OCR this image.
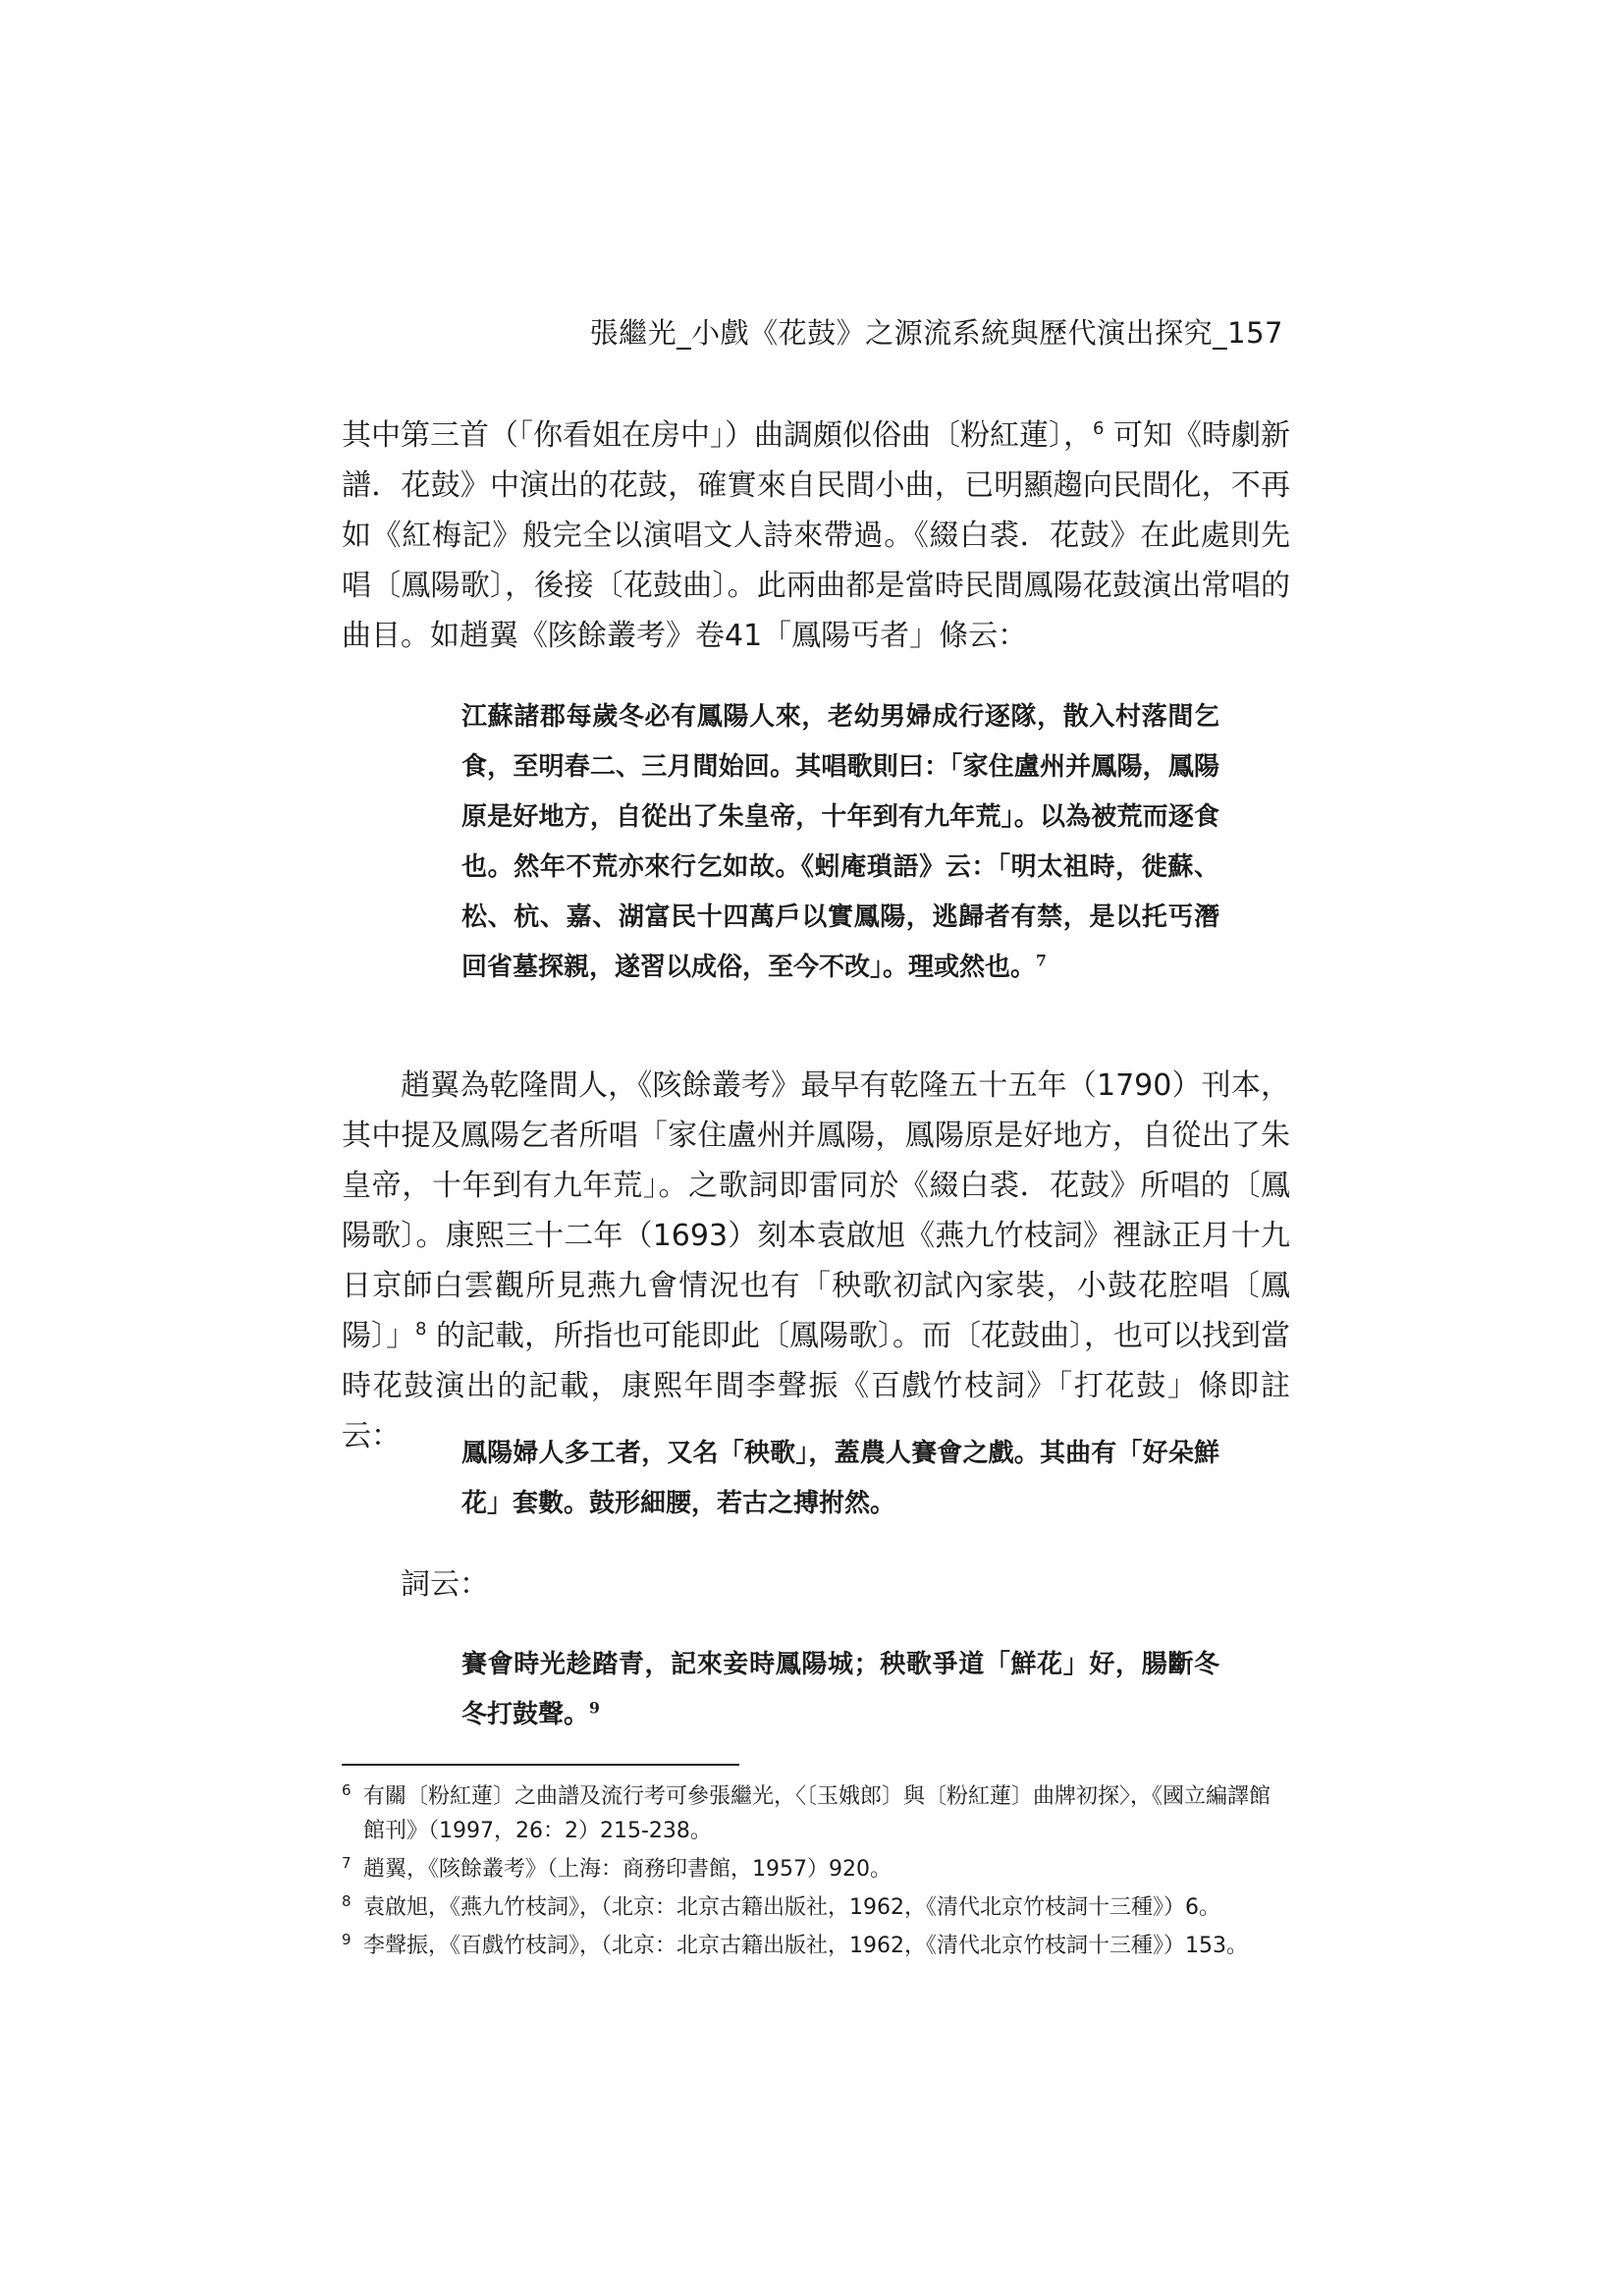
張繼光_小戲《花鼓》之源流系統與歷代演出探究_157

其中第三首（「你看姐在房中」）曲調頗似俗曲〔粉紅蓮〕，$^6$ 可知《時劇新譜．花鼓》中演出的花鼓，確實來自民間小曲，已明顯趨向民間化，不再如《紅梅記》般完全以演唱文人詩來帶過。《綴白裘．花鼓》在此處則先唱〔鳳陽歌〕，後接〔花鼓曲〕。此兩曲都是當時民間鳳陽花鼓演出常唱的曲目。如趙翼《陔餘叢考》卷41「鳳陽丐者」條云：

江蘇諸郡每歲冬必有鳳陽人來，老幼男婦成行逐隊，散入村落間乞食，至明春二、三月間始回。其唱歌則曰：「家住盧州并鳳陽，鳳陽原是好地方，自從出了朱皇帝，十年到有九年荒」。以為被荒而逐食也。然年不荒亦來行乞如故。《蚓庵瑣語》云：「明太祖時，徙蘇、松、杭、嘉、湖富民十四萬戶以實鳳陽，逃歸者有禁，是以托丐潛回省墓探親，遂習以成俗，至今不改」。理或然也。$^7$

趙翼為乾隆間人，《陔餘叢考》最早有乾隆五十五年（1790）刊本，其中提及鳳陽乞者所唱「家住盧州并鳳陽，鳳陽原是好地方，自從出了朱皇帝，十年到有九年荒」。之歌詞即雷同於《綴白裘．花鼓》所唱的〔鳳陽歌〕。康熙三十二年（1693）刻本袁啟旭《燕九竹枝詞》裡詠正月十九日京師白雲觀所見燕九會情況也有「秧歌初試內家裝，小鼓花腔唱〔鳳陽〕」$^8$ 的記載，所指也可能即此〔鳳陽歌〕。而〔花鼓曲〕，也可以找到當時花鼓演出的記載，康熙年間李聲振《百戲竹枝詞》「打花鼓」條即註云：	鳳陽婦人多工者，又名「秧歌」，蓋農人賽會之戲。其曲有「好朵鮮花」套數。鼓形細腰，若古之搏拊然。

詞云：

賽會時光趁踏青，記來妾時鳳陽城；秧歌爭道「鮮花」好，腸斷冬冬打鼓聲。$^9$

6 有關〔粉紅蓮〕之曲譜及流行考可參張繼光，〈〔玉娥郎〕與〔粉紅蓮〕曲牌初探〉，《國立編譯館館刊》（1997，26：2）215-238。
7 趙翼，《陔餘叢考》（上海：商務印書館，1957）920。
8 袁啟旭，《燕九竹枝詞》，（北京：北京古籍出版社，1962，《清代北京竹枝詞十三種》）6。
9 李聲振，《百戲竹枝詞》，（北京：北京古籍出版社，1962，《清代北京竹枝詞十三種》）153。
